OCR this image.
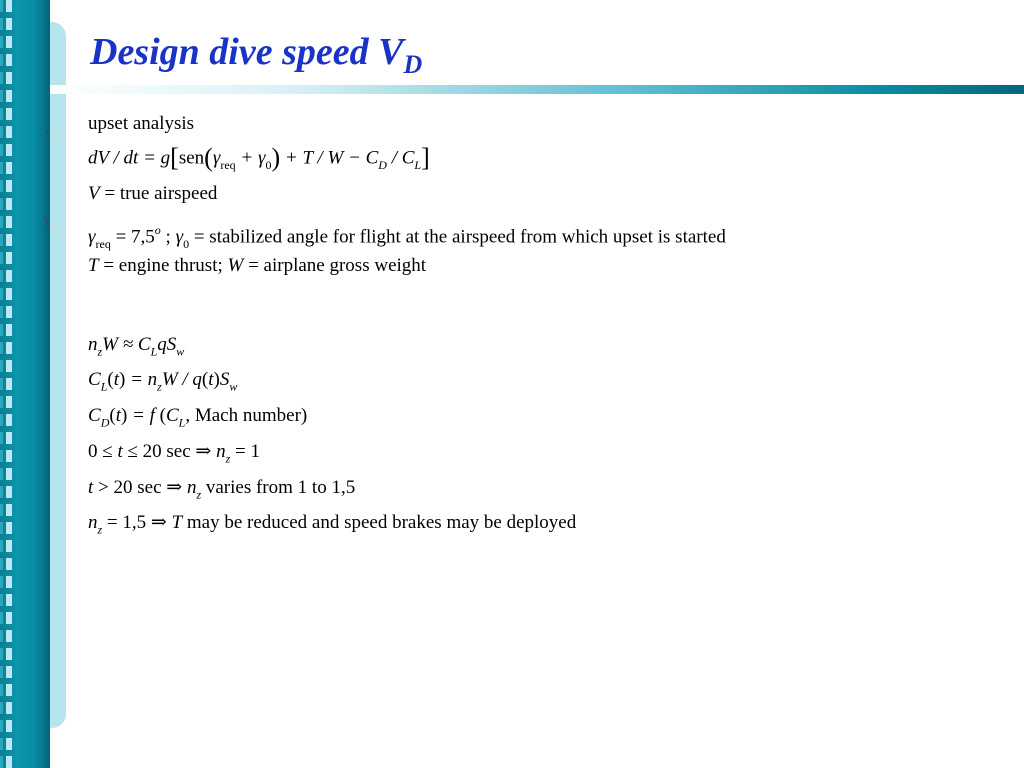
Design dive speed $V_D$
·
\
upset analysis
dV / dt = $g[sen(\gamma_{req} + \gamma_0) + T / W - C_D / C_L]$
V = true airspeed
$\gamma_{req} = 7,5^o$ ; $\gamma_0$ = stabilized angle for flight at the airspeed from which upset is started
T = engine thrust; W = airplane gross weight
$n_zW \approx C_LqS_w$
$C_L(t) = n_zW / q(t)S_w$
$C_D(t) = f$ ($C_L$, Mach number)
0 ≤ t ≤ 20 sec ⇒ $n_z = 1$
t > 20 sec ⇒ $n_z$ varies from 1 to 1,5
$n_z = 1,5$ ⇒ T may be reduced and speed brakes may be deployed
